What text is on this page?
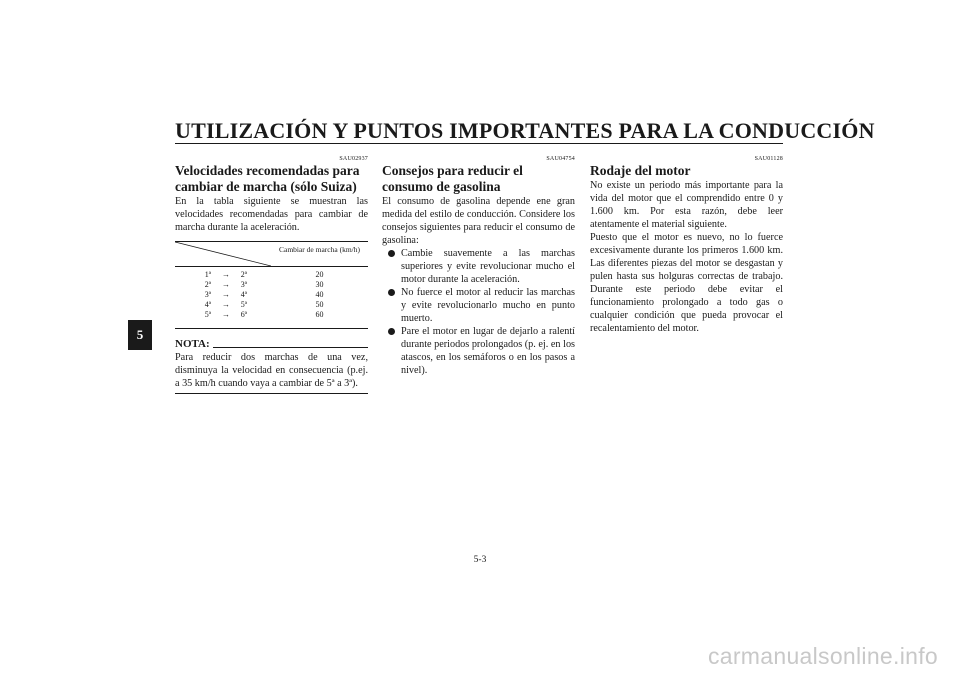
UTILIZACIÓN Y PUNTOS IMPORTANTES PARA LA CONDUCCIÓN
5
SAU02937
Velocidades recomendadas para cambiar de marcha (sólo Suiza)

En la tabla siguiente se muestran las velocidades recomendadas para cambiar de marcha durante la aceleración.

Cambiar de marcha (km/h)
1ª →	2ª	20
2ª →	3ª	30
3ª →	4ª	40
4ª →	5ª	50
5ª →	6ª	60
NOTA:

Para reducir dos marchas de una vez, disminuya la velocidad en consecuencia (p.ej. a 35 km/h cuando vaya a cambiar de 5ª a 3ª).

SAU04754
Consejos para reducir el consumo de gasolina

El consumo de gasolina depende ene gran medida del estilo de conducción. Considere los consejos siguientes para reducir el consumo de gasolina:

Cambie suavemente a las marchas superiores y evite revolucionar mucho el motor durante la aceleración.
No fuerce el motor al reducir las marchas y evite revolucionarlo mucho en punto muerto.
Pare el motor en lugar de dejarlo a ralentí durante periodos prolongados (p. ej. en los atascos, en los semáforos o en los pasos a nivel).
SAU01128
Rodaje del motor

No existe un periodo más importante para la vida del motor que el comprendido entre 0 y 1.600 km. Por esta razón, debe leer atentamente el material siguiente.

Puesto que el motor es nuevo, no lo fuerce excesivamente durante los primeros 1.600 km. Las diferentes piezas del motor se desgastan y pulen hasta sus holguras correctas de trabajo. Durante este periodo debe evitar el funcionamiento prolongado a todo gas o cualquier condición que pueda provocar el recalentamiento del motor.

5-3
carmanualsonline.info
